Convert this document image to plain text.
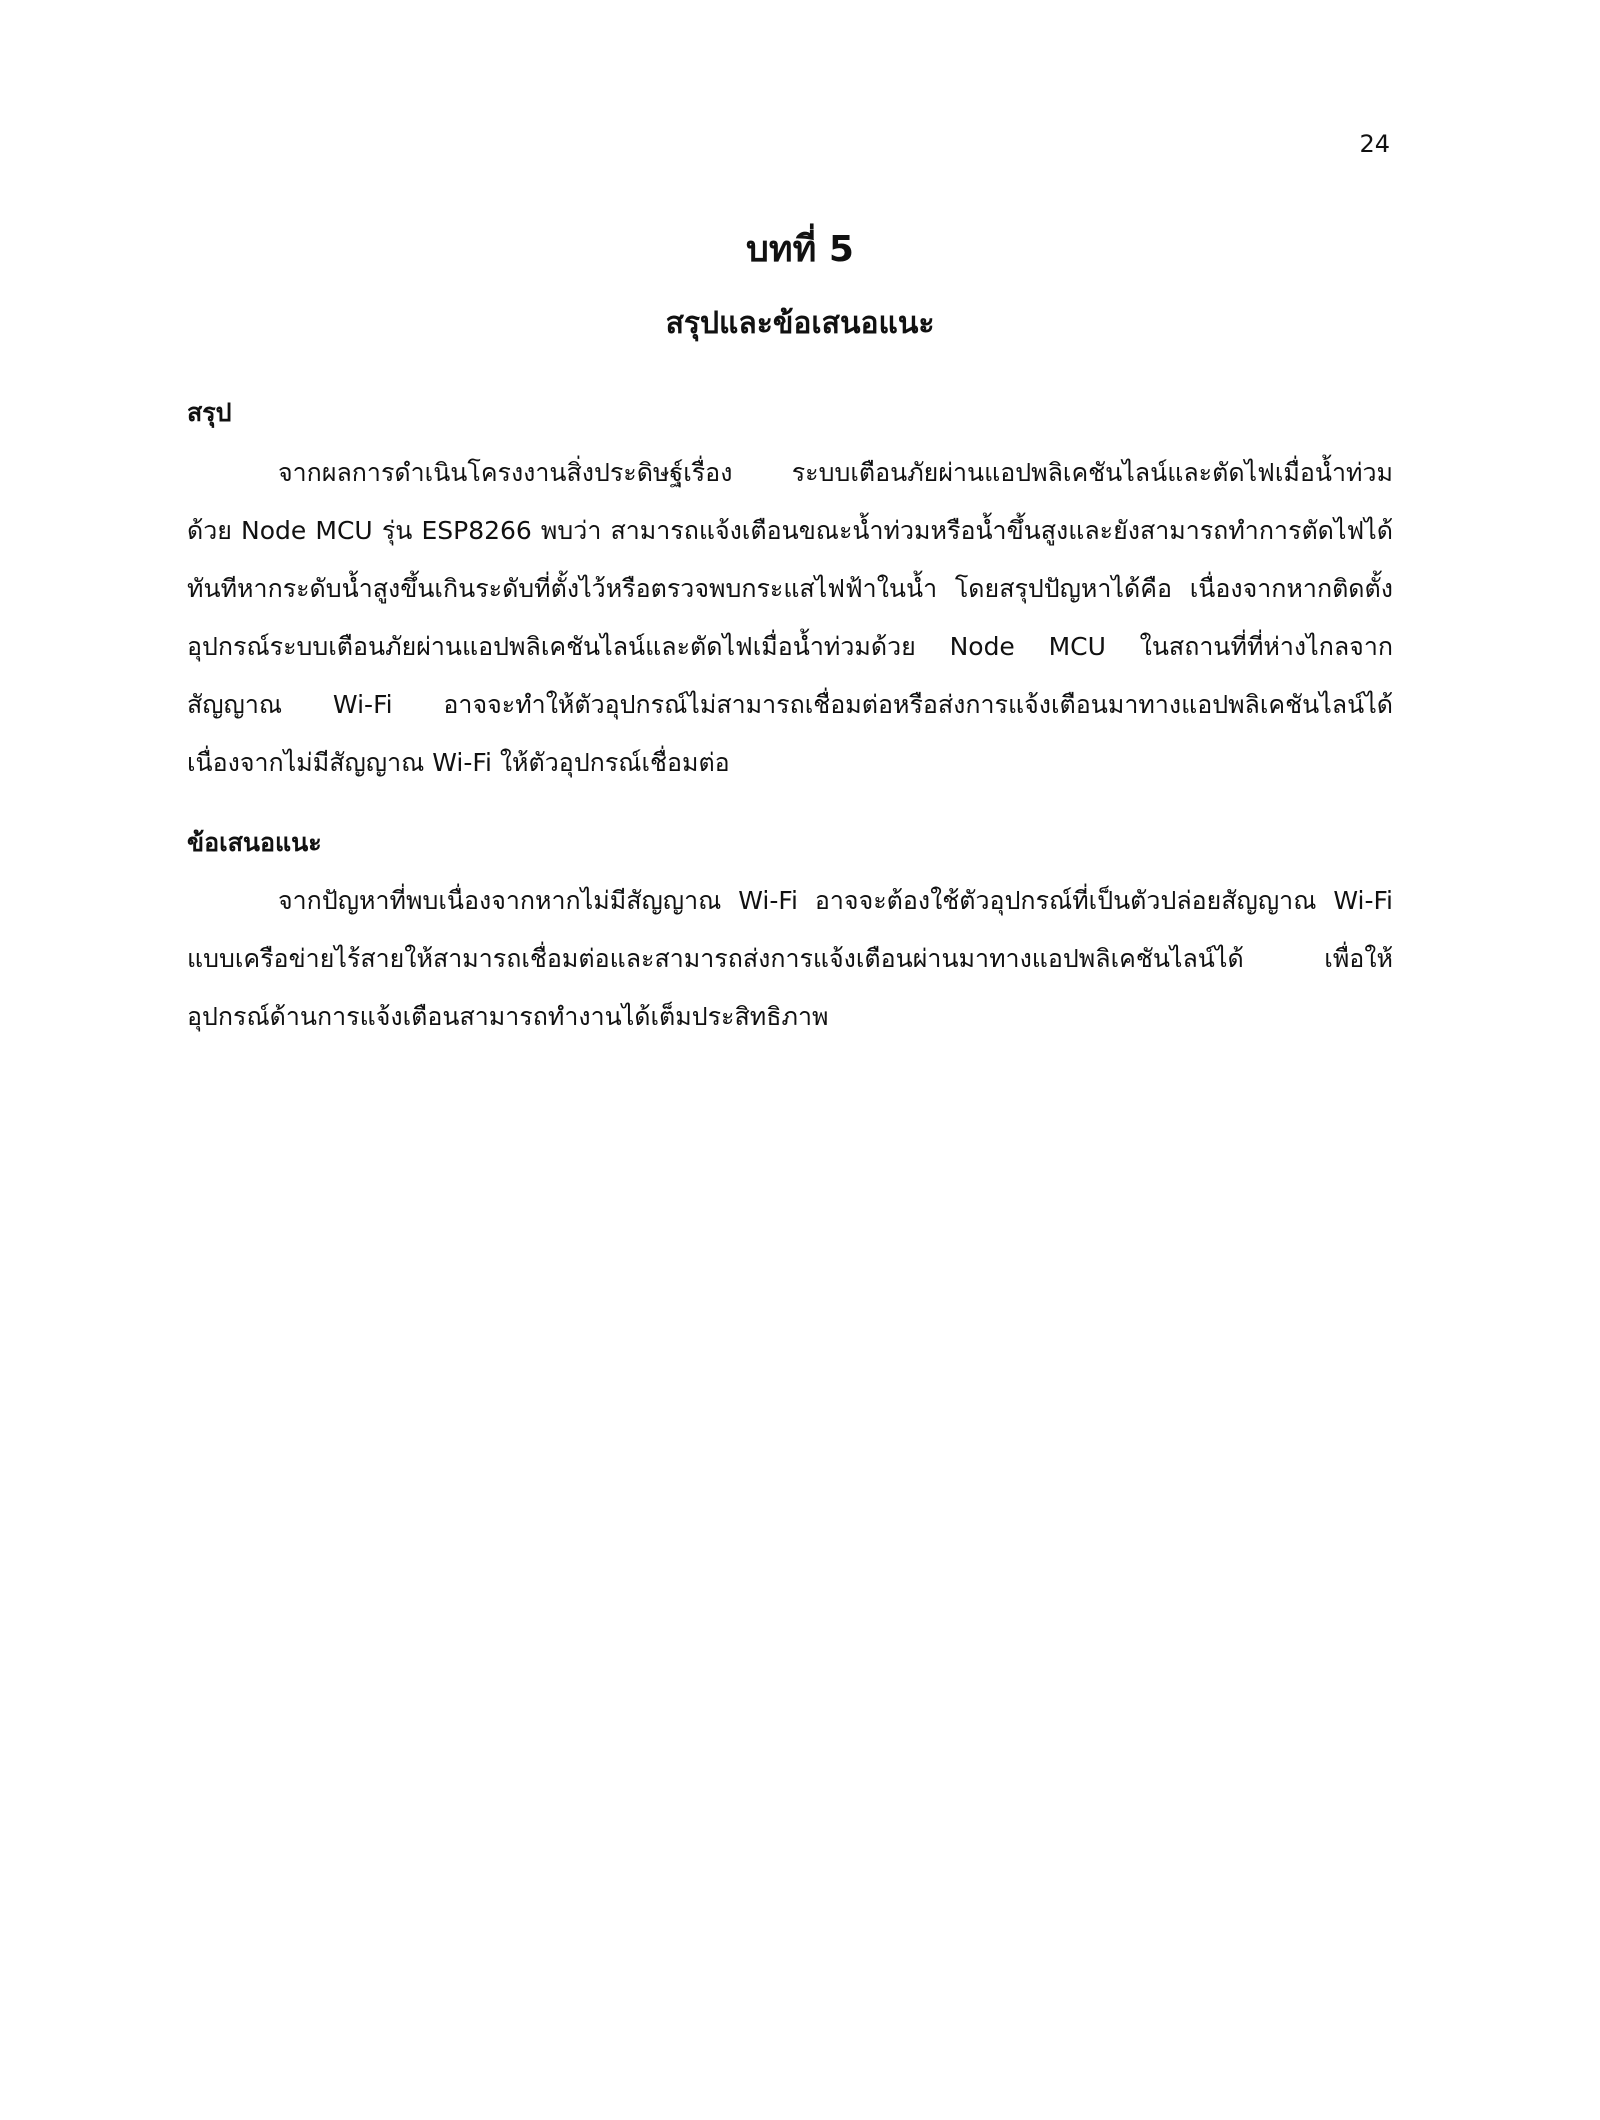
24
บทที่ 5
สรุปและข้อเสนอแนะ
สรุป
จากผลการดำเนินโครงงานสิ่งประดิษฐ์เรื่อง ระบบเตือนภัยผ่านแอปพลิเคชันไลน์และตัดไฟเมื่อน้ำท่วม
ด้วย Node MCU รุ่น ESP8266 พบว่า สามารถแจ้งเตือนขณะน้ำท่วมหรือน้ำขึ้นสูงและยังสามารถทำการตัดไฟได้
ทันทีหากระดับน้ำสูงขึ้นเกินระดับที่ตั้งไว้หรือตรวจพบกระแสไฟฟ้าในน้ำ โดยสรุปปัญหาได้คือ เนื่องจากหากติดตั้ง
อุปกรณ์ระบบเตือนภัยผ่านแอปพลิเคชันไลน์และตัดไฟเมื่อน้ำท่วมด้วย Node MCU ในสถานที่ที่ห่างไกลจาก
สัญญาณ Wi-Fi อาจจะทำให้ตัวอุปกรณ์ไม่สามารถเชื่อมต่อหรือส่งการแจ้งเตือนมาทางแอปพลิเคชันไลน์ได้
เนื่องจากไม่มีสัญญาณ Wi-Fi ให้ตัวอุปกรณ์เชื่อมต่อ
ข้อเสนอแนะ
จากปัญหาที่พบเนื่องจากหากไม่มีสัญญาณ Wi-Fi อาจจะต้องใช้ตัวอุปกรณ์ที่เป็นตัวปล่อยสัญญาณ Wi-Fi
แบบเครือข่ายไร้สายให้สามารถเชื่อมต่อและสามารถส่งการแจ้งเตือนผ่านมาทางแอปพลิเคชันไลน์ได้ เพื่อให้
อุปกรณ์ด้านการแจ้งเตือนสามารถทำงานได้เต็มประสิทธิภาพ
